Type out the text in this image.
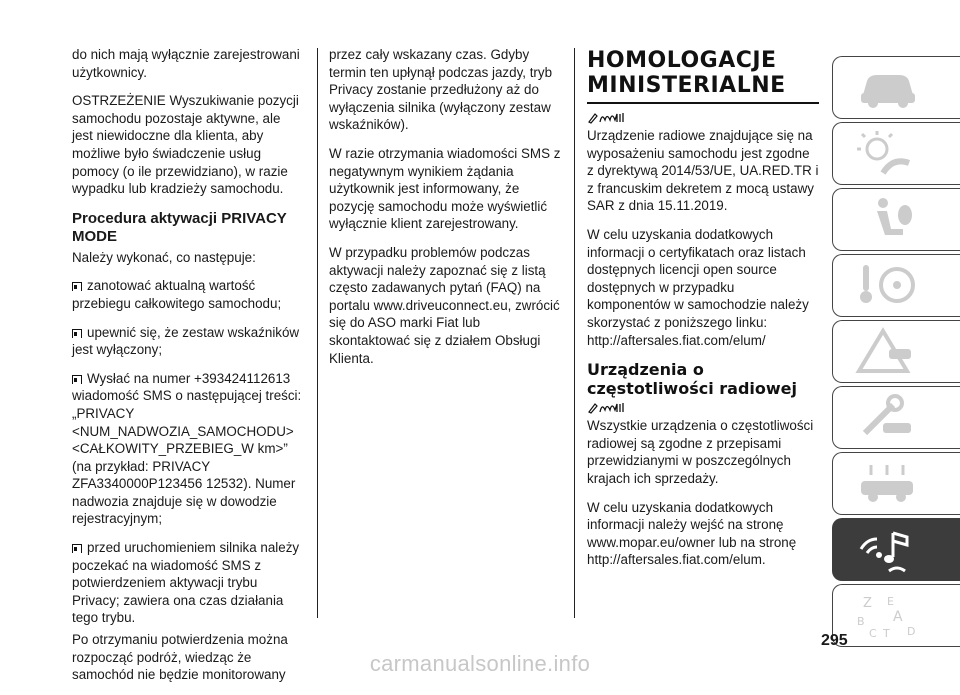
do nich mają wyłącznie zarejestrowani użytkownicy.

OSTRZEŻENIE Wyszukiwanie pozycji samochodu pozostaje aktywne, ale jest niewidoczne dla klienta, aby możliwe było świadczenie usług pomocy (o ile przewidziano), w razie wypadku lub kradzieży samochodu.

Procedura aktywacji PRIVACY MODE

Należy wykonać, co następuje:

zanotować aktualną wartość przebiegu całkowitego samochodu;

upewnić się, że zestaw wskaźników jest wyłączony;

Wysłać na numer +393424112613 wiadomość SMS o następującej treści: „PRIVACY <NUM_NADWOZIA_SAMOCHODU> <CAŁKOWITY_PRZEBIEG_W km>” (na przykład: PRIVACY ZFA3340000P123456 12532). Numer nadwozia znajduje się w dowodzie rejestracyjnym;

przed uruchomieniem silnika należy poczekać na wiadomość SMS z potwierdzeniem aktywacji trybu Privacy; zawiera ona czas działania tego trybu.

Po otrzymaniu potwierdzenia można rozpocząć podróż, wiedząc że samochód nie będzie monitorowany

przez cały wskazany czas. Gdyby termin ten upłynął podczas jazdy, tryb Privacy zostanie przedłużony aż do wyłączenia silnika (wyłączony zestaw wskaźników).

W razie otrzymania wiadomości SMS z negatywnym wynikiem żądania użytkownik jest informowany, że pozycję samochodu może wyświetlić wyłącznie klient zarejestrowany.

W przypadku problemów podczas aktywacji należy zapoznać się z listą często zadawanych pytań (FAQ) na portalu www.driveuconnect.eu, zwrócić się do ASO marki Fiat lub skontaktować się z działem Obsługi Klienta.

HOMOLOGACJE MINISTERIALNE

Urządzenie radiowe znajdujące się na wyposażeniu samochodu jest zgodne z dyrektywą 2014/53/UE, UA.RED.TR i z francuskim dekretem z mocą ustawy SAR z dnia 15.11.2019.

W celu uzyskania dodatkowych informacji o certyfikatach oraz listach dostępnych licencji open source dostępnych w przypadku komponentów w samochodzie należy skorzystać z poniższego linku: http://aftersales.fiat.com/elum/

Urządzenia o częstotliwości radiowej

Wszystkie urządzenia o częstotliwości radiowej są zgodne z przepisami przewidzianymi w poszczególnych krajach ich sprzedaży.

W celu uzyskania dodatkowych informacji należy wejść na stronę www.mopar.eu/owner lub na stronę http://aftersales.fiat.com/elum.

Z E
A
B
C T D
295
carmanualsonline.info
